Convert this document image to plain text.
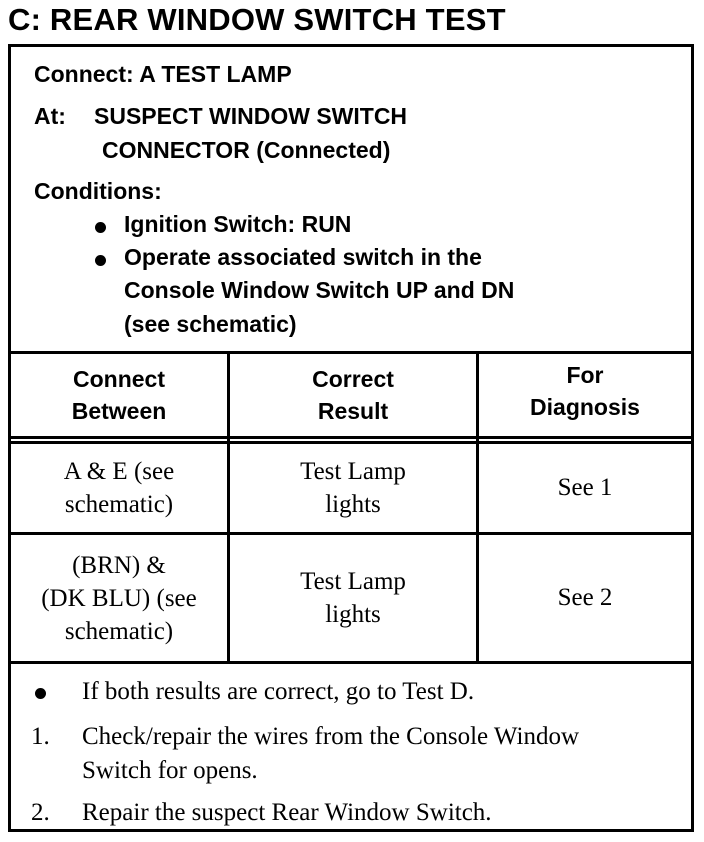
C: REAR WINDOW SWITCH TEST
Connect: A TEST LAMP
At: SUSPECT WINDOW SWITCH
CONNECTOR (Connected)
Conditions:
Ignition Switch: RUN
Operate associated switch in the
Console Window Switch UP and DN
(see schematic)
Connect
Between
Correct
Result
For
Diagnosis
A & E (see
schematic)
Test Lamp
lights
See 1
(BRN) &
(DK BLU) (see
schematic)
Test Lamp
lights
See 2
If both results are correct, go to Test D.
1. Check/repair the wires from the Console Window
Switch for opens.
2. Repair the suspect Rear Window Switch.
